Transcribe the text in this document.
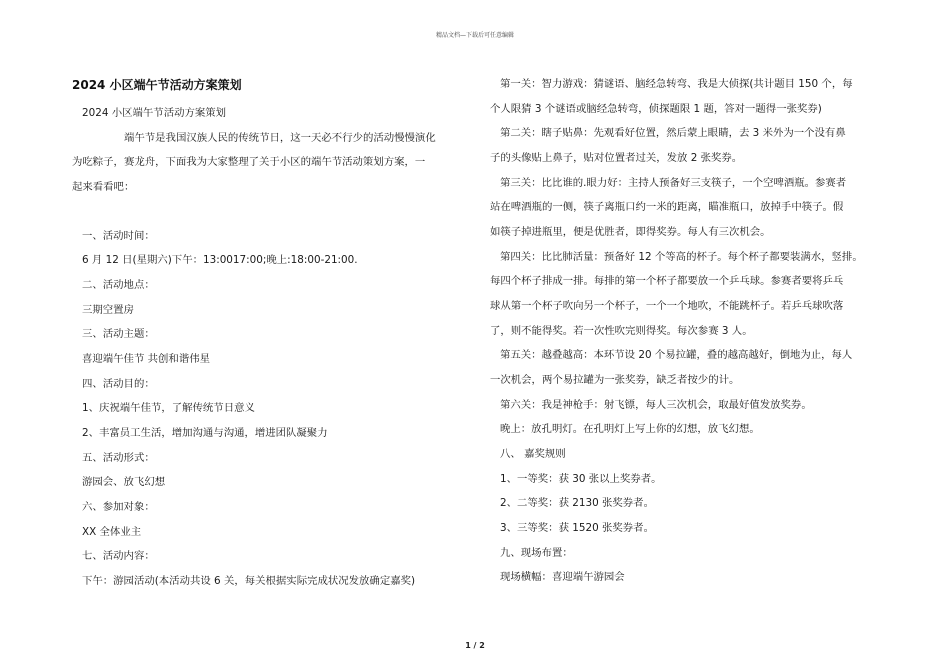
精品文档—下载后可任意编辑
2024 小区端午节活动方案策划
2024 小区端午节活动方案策划
端午节是我国汉族人民的传统节日，这一天必不行少的活动慢慢演化
为吃粽子，赛龙舟，下面我为大家整理了关于小区的端午节活动策划方案，一
起来看看吧：
一、活动时间：
6 月 12 日(星期六)下午：13:0017:00;晚上:18:00-21:00.
二、活动地点：
三期空置房
三、活动主题：
喜迎端午佳节 共创和谐伟星
四、活动目的：
1、庆祝端午佳节，了解传统节日意义
2、丰富员工生活，增加沟通与沟通，增进团队凝聚力
五、活动形式：
游园会、放飞幻想
六、参加对象：
XX 全体业主
七、活动内容：
下午：游园活动(本活动共设 6 关，每关根据实际完成状况发放确定嘉奖)
第一关：智力游戏：猜谜语、脑经急转弯、我是大侦探(共计题目 150 个，每
个人限猜 3 个谜语或脑经急转弯，侦探题限 1 题，答对一题得一张奖券)
第二关：瞎子贴鼻：先观看好位置，然后蒙上眼睛，去 3 米外为一个没有鼻
子的头像贴上鼻子，贴对位置者过关，发放 2 张奖券。
第三关：比比谁的.眼力好：主持人预备好三支筷子，一个空啤酒瓶。参赛者
站在啤酒瓶的一侧，筷子离瓶口约一米的距离，瞄准瓶口，放掉手中筷子。假
如筷子掉进瓶里，便是优胜者，即得奖券。每人有三次机会。
第四关：比比肺活量：预备好 12 个等高的杯子。每个杯子都要装满水，竖排。
每四个杯子排成一排。每排的第一个杯子都要放一个乒乓球。参赛者要将乒乓
球从第一个杯子吹向另一个杯子，一个一个地吹，不能跳杯子。若乒乓球吹落
了，则不能得奖。若一次性吹完则得奖。每次参赛 3 人。
第五关：越叠越高：本环节设 20 个易拉罐，叠的越高越好，倒地为止，每人
一次机会，两个易拉罐为一张奖券，缺乏者按少的计。
第六关：我是神枪手：射飞镖，每人三次机会，取最好值发放奖券。
晚上：放孔明灯。在孔明灯上写上你的幻想，放飞幻想。
八、 嘉奖规则
1、一等奖：获 30 张以上奖券者。
2、二等奖：获 2130 张奖券者。
3、三等奖：获 1520 张奖券者。
九、现场布置：
现场横幅：喜迎端午游园会
1 / 2
